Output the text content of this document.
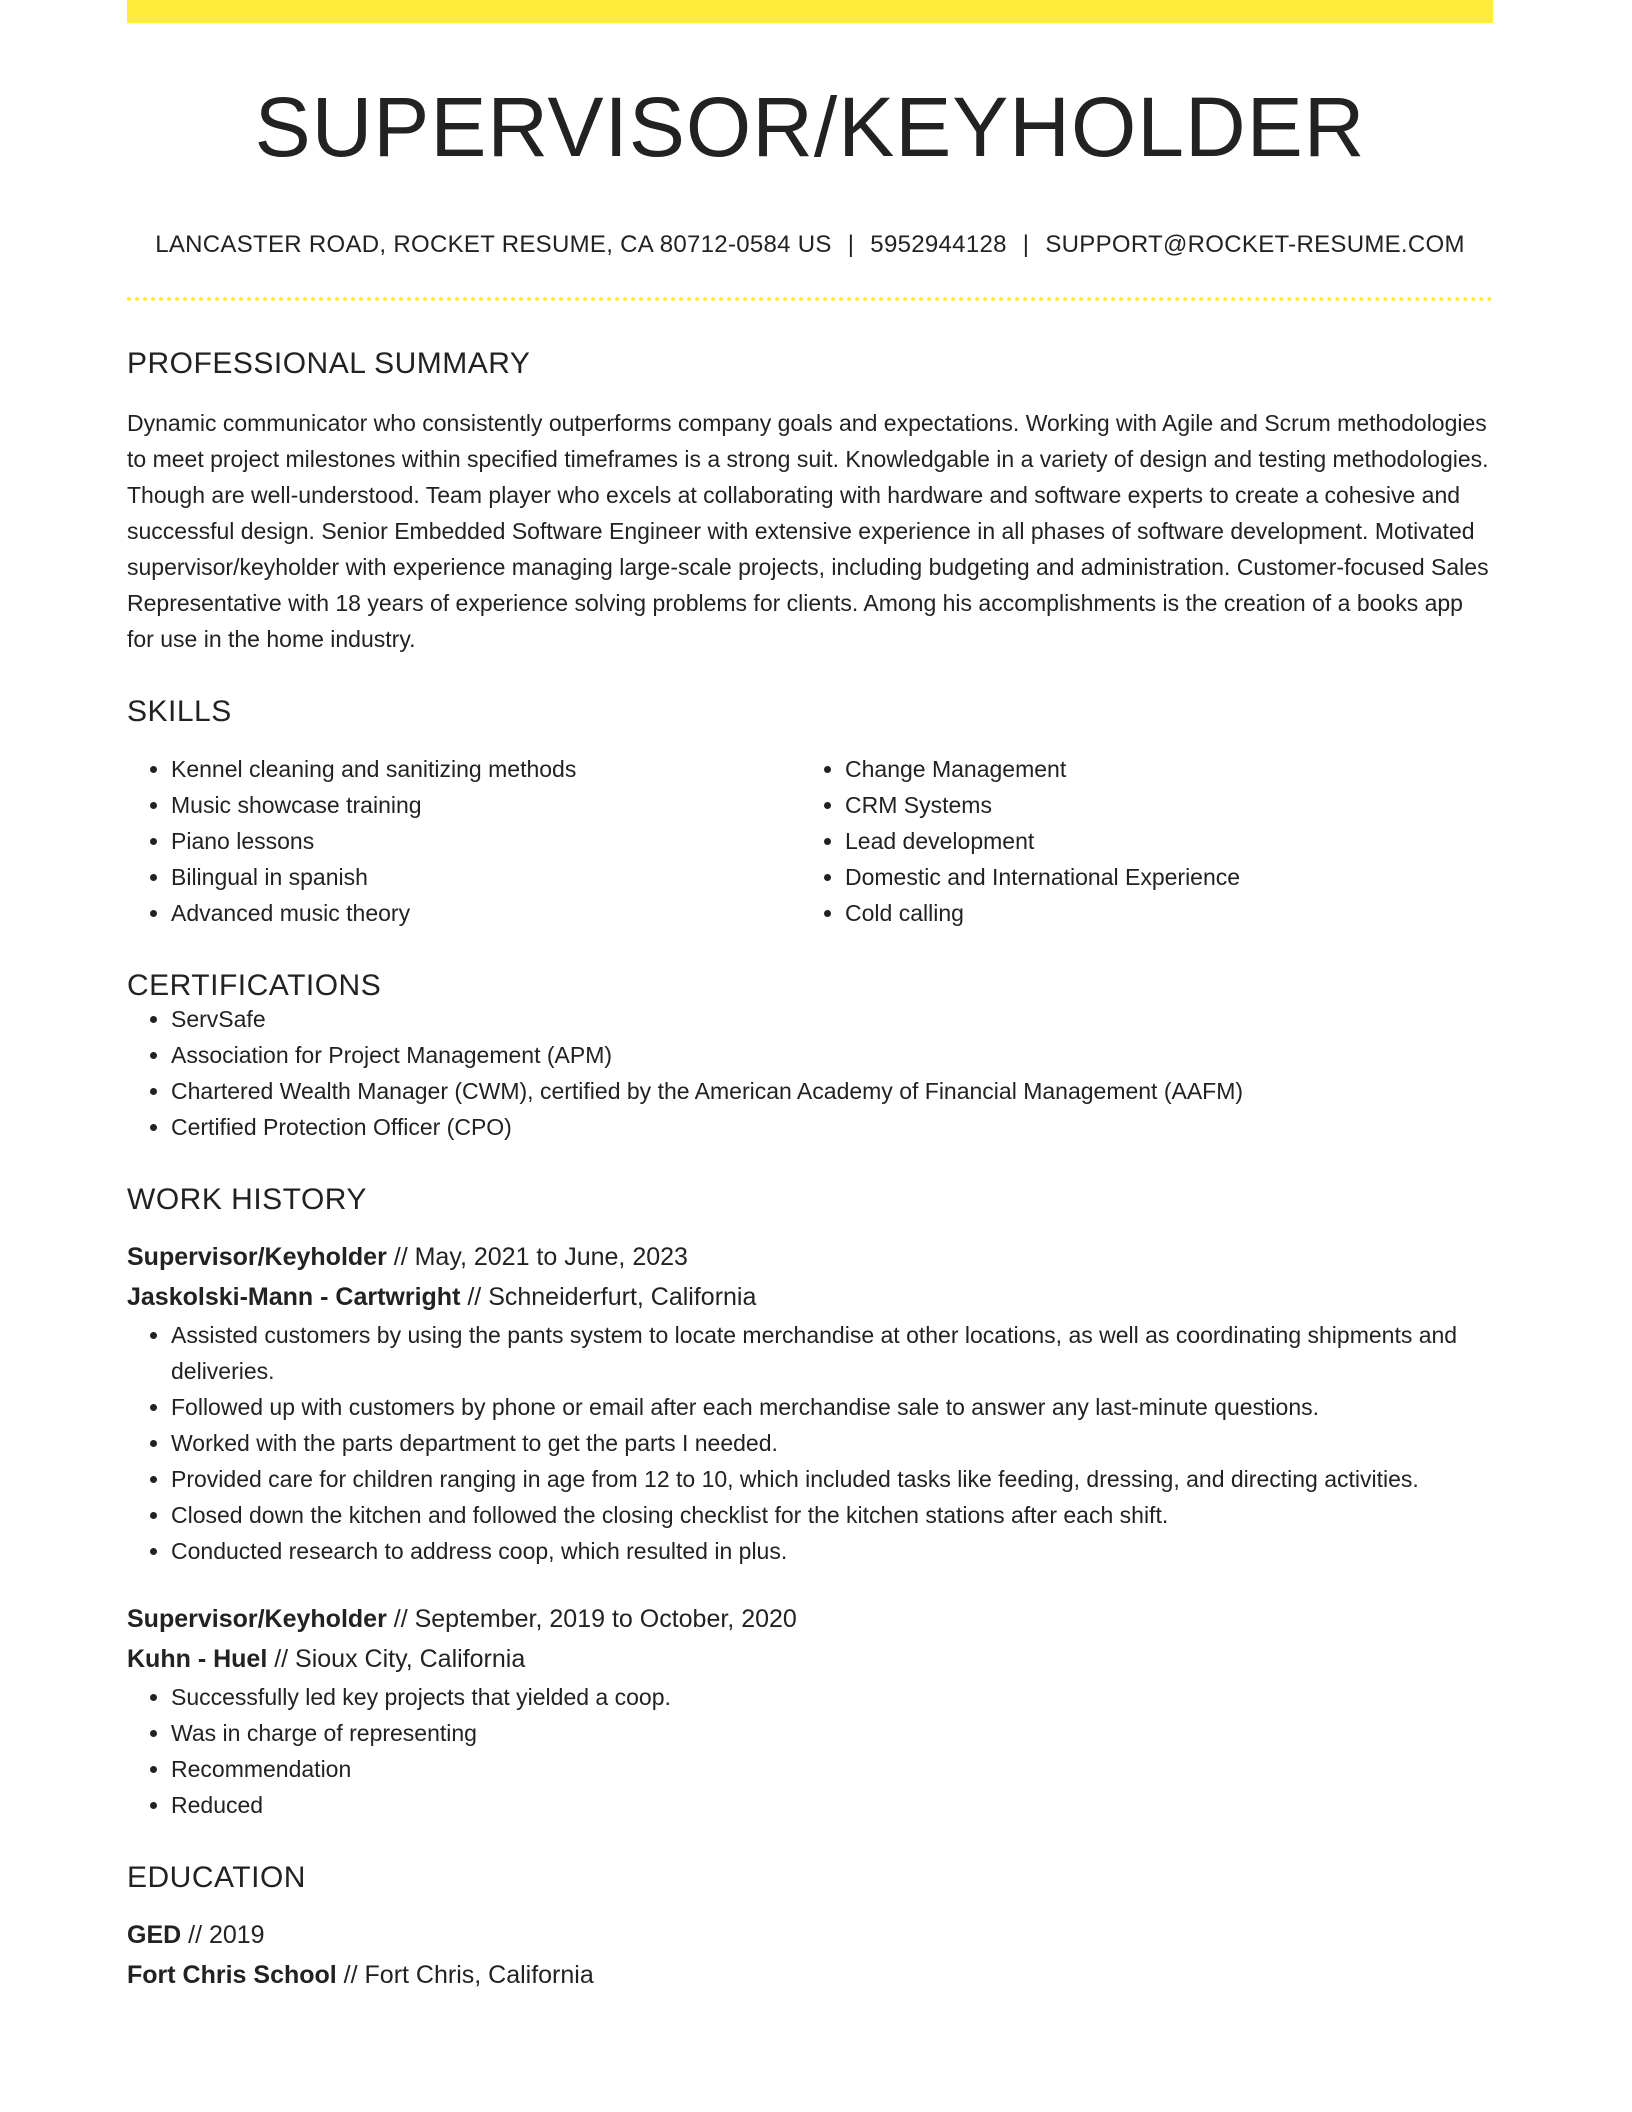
SUPERVISOR/KEYHOLDER
LANCASTER ROAD, ROCKET RESUME, CA 80712-0584 US | 5952944128 | SUPPORT@ROCKET-RESUME.COM
PROFESSIONAL SUMMARY

Dynamic communicator who consistently outperforms company goals and expectations. Working with Agile and Scrum methodologies to meet project milestones within specified timeframes is a strong suit. Knowledgable in a variety of design and testing methodologies. Though are well-understood. Team player who excels at collaborating with hardware and software experts to create a cohesive and successful design. Senior Embedded Software Engineer with extensive experience in all phases of software development. Motivated supervisor/keyholder with experience managing large-scale projects, including budgeting and administration. Customer-focused Sales Representative with 18 years of experience solving problems for clients. Among his accomplishments is the creation of a books app for use in the home industry.

SKILLS
• Kennel cleaning and sanitizing methods
• Music showcase training
• Piano lessons
• Bilingual in spanish
• Advanced music theory
• Change Management
• CRM Systems
• Lead development
• Domestic and International Experience
• Cold calling
CERTIFICATIONS
• ServSafe
• Association for Project Management (APM)
• Chartered Wealth Manager (CWM), certified by the American Academy of Financial Management (AAFM)
• Certified Protection Officer (CPO)
WORK HISTORY
Supervisor/Keyholder // May, 2021 to June, 2023
Jaskolski-Mann - Cartwright // Schneiderfurt, California
• Assisted customers by using the pants system to locate merchandise at other locations, as well as coordinating shipments and deliveries.
• Followed up with customers by phone or email after each merchandise sale to answer any last-minute questions.
• Worked with the parts department to get the parts I needed.
• Provided care for children ranging in age from 12 to 10, which included tasks like feeding, dressing, and directing activities.
• Closed down the kitchen and followed the closing checklist for the kitchen stations after each shift.
• Conducted research to address coop, which resulted in plus.
Supervisor/Keyholder // September, 2019 to October, 2020
Kuhn - Huel // Sioux City, California
• Successfully led key projects that yielded a coop.
• Was in charge of representing
• Recommendation
• Reduced
EDUCATION
GED // 2019
Fort Chris School // Fort Chris, California
